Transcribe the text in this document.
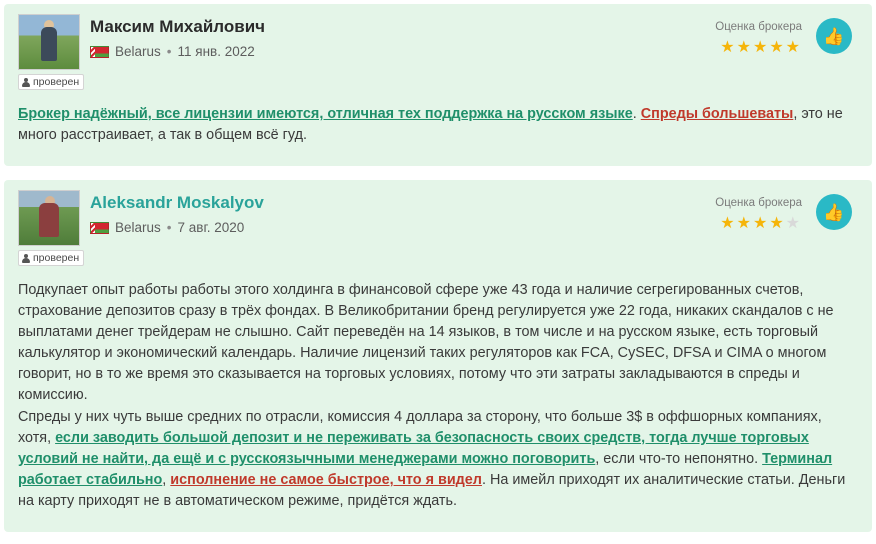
проверен
Максим Михайлович
Belarus • 11 янв. 2022
Оценка брокера
★★★★★
👍

Брокер надёжный, все лицензии имеются, отличная тех поддержка на русском языке. Спреды большеваты, это не много расстраивает, а так в общем всё гуд.

проверен
Aleksandr Moskalyov
Belarus • 7 авг. 2020
Оценка брокера
★★★★★
👍

Подкупает опыт работы работы этого холдинга в финансовой сфере уже 43 года и наличие сегрегированных счетов, страхование депозитов сразу в трёх фондах. В Великобритании бренд регулируется уже 22 года, никаких скандалов с не выплатами денег трейдерам не слышно. Сайт переведён на 14 языков, в том числе и на русском языке, есть торговый калькулятор и экономический календарь. Наличие лицензий таких регуляторов как FCA, CySEC, DFSA и CIMA о многом говорит, но в то же время это сказывается на торговых условиях, потому что эти затраты закладываются в спреды и комиссию.

Спреды у них чуть выше средних по отрасли, комиссия 4 доллара за сторону, что больше 3$ в оффшорных компаниях, хотя, если заводить большой депозит и не переживать за безопасность своих средств, тогда лучше торговых условий не найти, да ещё и с русскоязычными менеджерами можно поговорить, если что-то непонятно. Терминал работает стабильно, исполнение не самое быстрое, что я видел. На имейл приходят их аналитические статьи. Деньги на карту приходят не в автоматическом режиме, придётся ждать.
